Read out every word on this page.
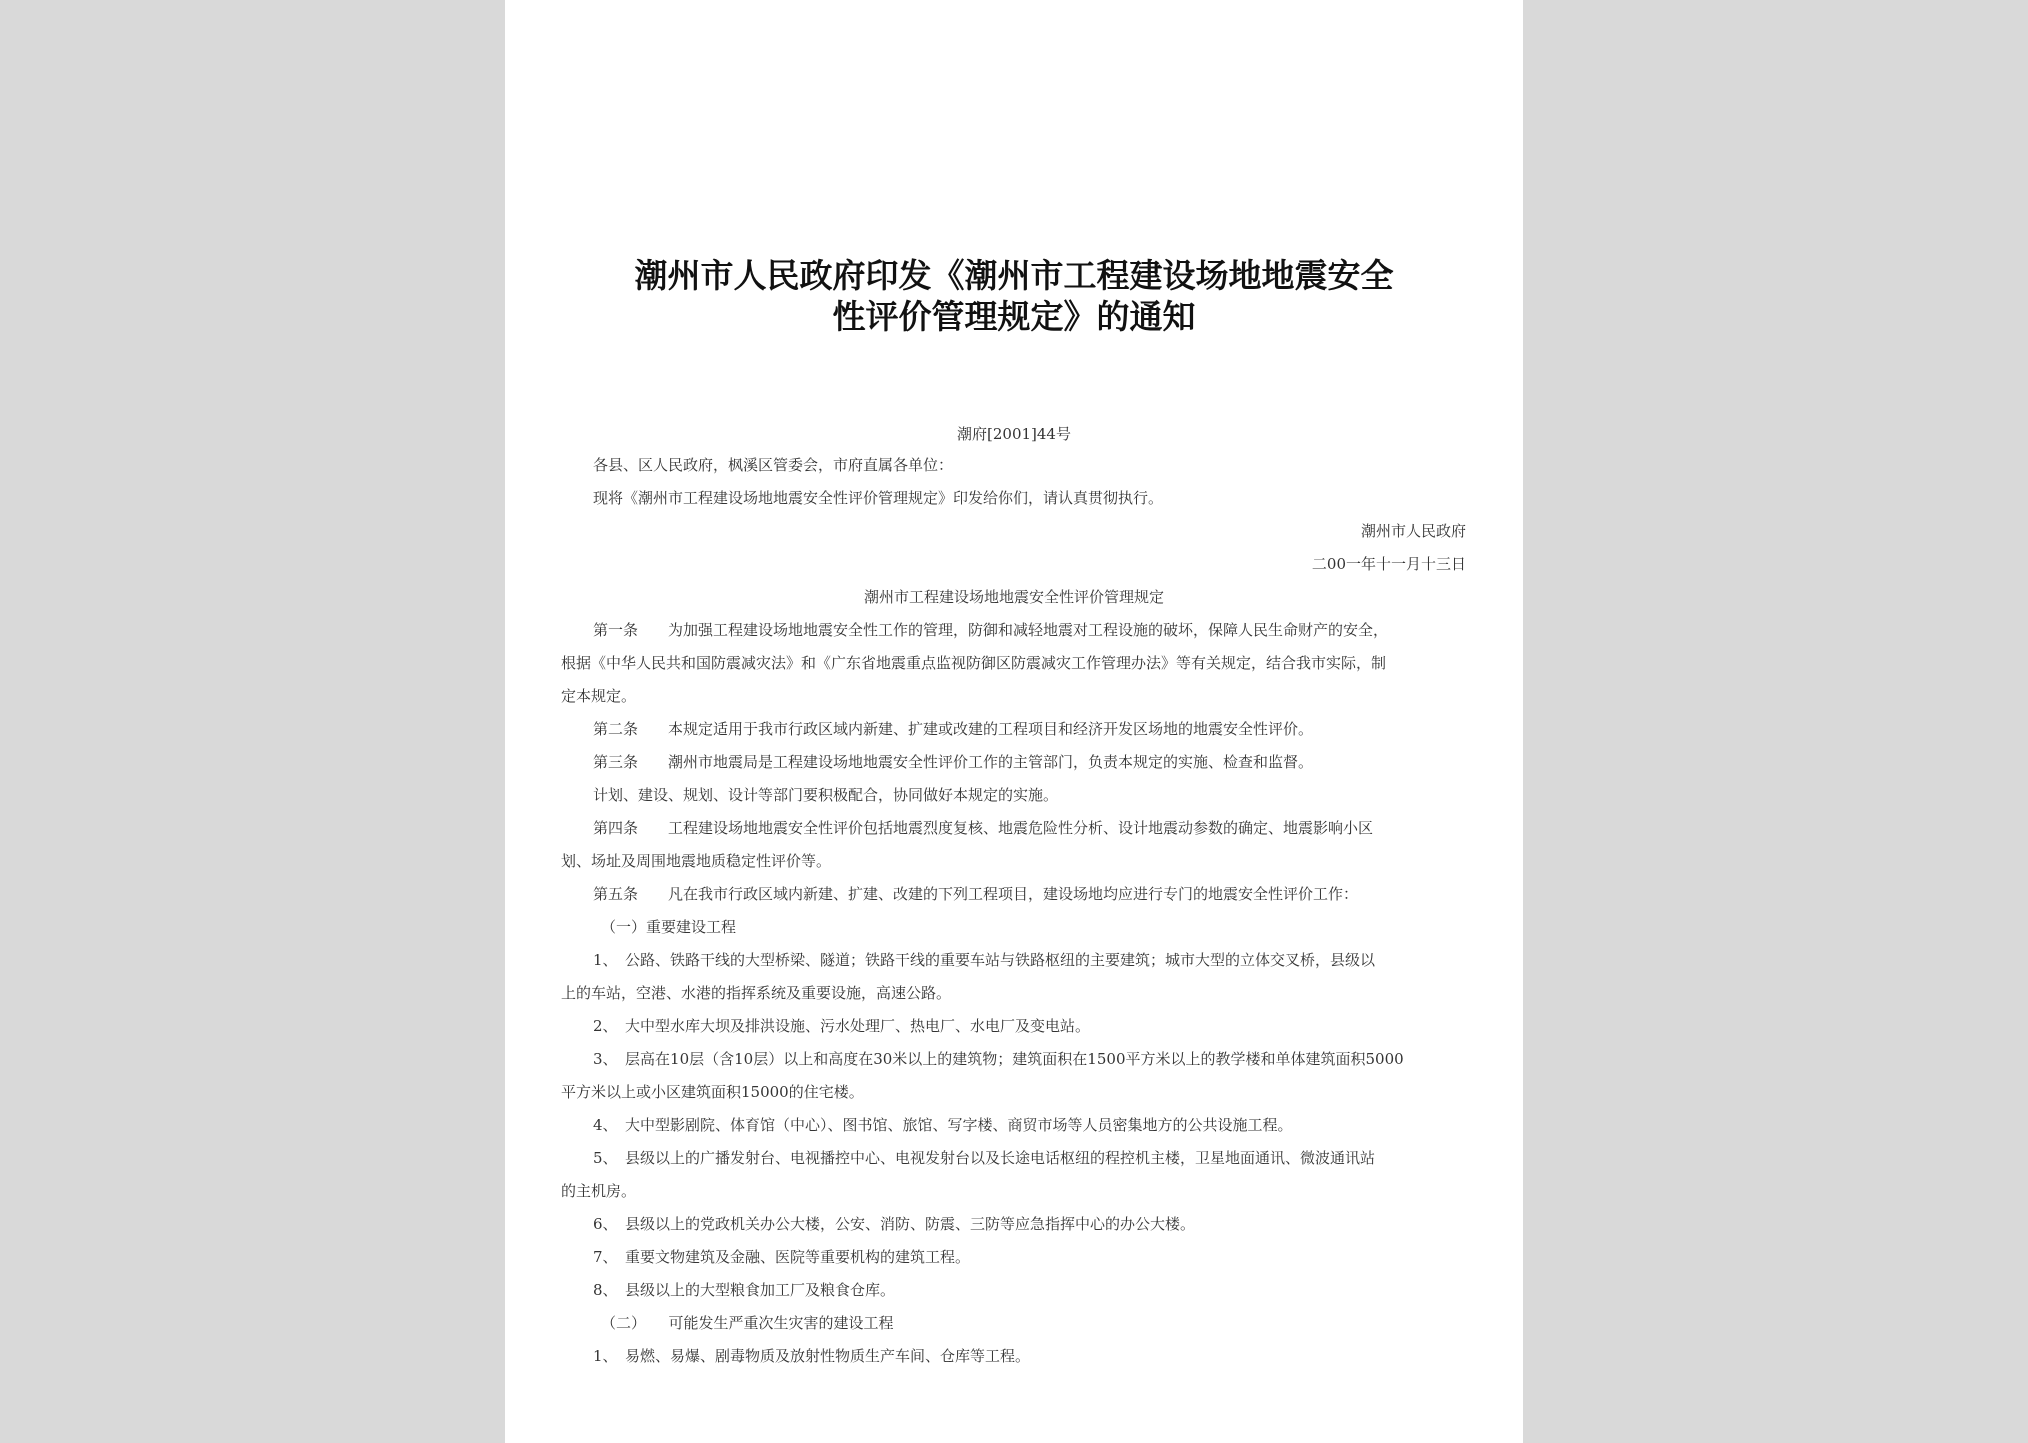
潮州市人民政府印发《潮州市工程建设场地地震安全
性评价管理规定》的通知
潮府[2001]44号
各县、区人民政府，枫溪区管委会，市府直属各单位：
现将《潮州市工程建设场地地震安全性评价管理规定》印发给你们，请认真贯彻执行。
潮州市人民政府
二00一年十一月十三日
潮州市工程建设场地地震安全性评价管理规定
第一条　　为加强工程建设场地地震安全性工作的管理，防御和减轻地震对工程设施的破坏，保障人民生命财产的安全，
根据《中华人民共和国防震减灾法》和《广东省地震重点监视防御区防震减灾工作管理办法》等有关规定，结合我市实际，制
定本规定。
第二条　　本规定适用于我市行政区域内新建、扩建或改建的工程项目和经济开发区场地的地震安全性评价。
第三条　　潮州市地震局是工程建设场地地震安全性评价工作的主管部门，负责本规定的实施、检查和监督。
计划、建设、规划、设计等部门要积极配合，协同做好本规定的实施。
第四条　　工程建设场地地震安全性评价包括地震烈度复核、地震危险性分析、设计地震动参数的确定、地震影响小区
划、场址及周围地震地质稳定性评价等。
第五条　　凡在我市行政区域内新建、扩建、改建的下列工程项目，建设场地均应进行专门的地震安全性评价工作：
（一）重要建设工程
1、　公路、铁路干线的大型桥梁、隧道；铁路干线的重要车站与铁路枢纽的主要建筑；城市大型的立体交叉桥，县级以
上的车站，空港、水港的指挥系统及重要设施，高速公路。
2、　大中型水库大坝及排洪设施、污水处理厂、热电厂、水电厂及变电站。
3、　层高在10层（含10层）以上和高度在30米以上的建筑物；建筑面积在1500平方米以上的教学楼和单体建筑面积5000
平方米以上或小区建筑面积15000的住宅楼。
4、　大中型影剧院、体育馆（中心）、图书馆、旅馆、写字楼、商贸市场等人员密集地方的公共设施工程。
5、　县级以上的广播发射台、电视播控中心、电视发射台以及长途电话枢纽的程控机主楼，卫星地面通讯、微波通讯站
的主机房。
6、　县级以上的党政机关办公大楼，公安、消防、防震、三防等应急指挥中心的办公大楼。
7、　重要文物建筑及金融、医院等重要机构的建筑工程。
8、　县级以上的大型粮食加工厂及粮食仓库。
（二）　　可能发生严重次生灾害的建设工程
1、　易燃、易爆、剧毒物质及放射性物质生产车间、仓库等工程。
